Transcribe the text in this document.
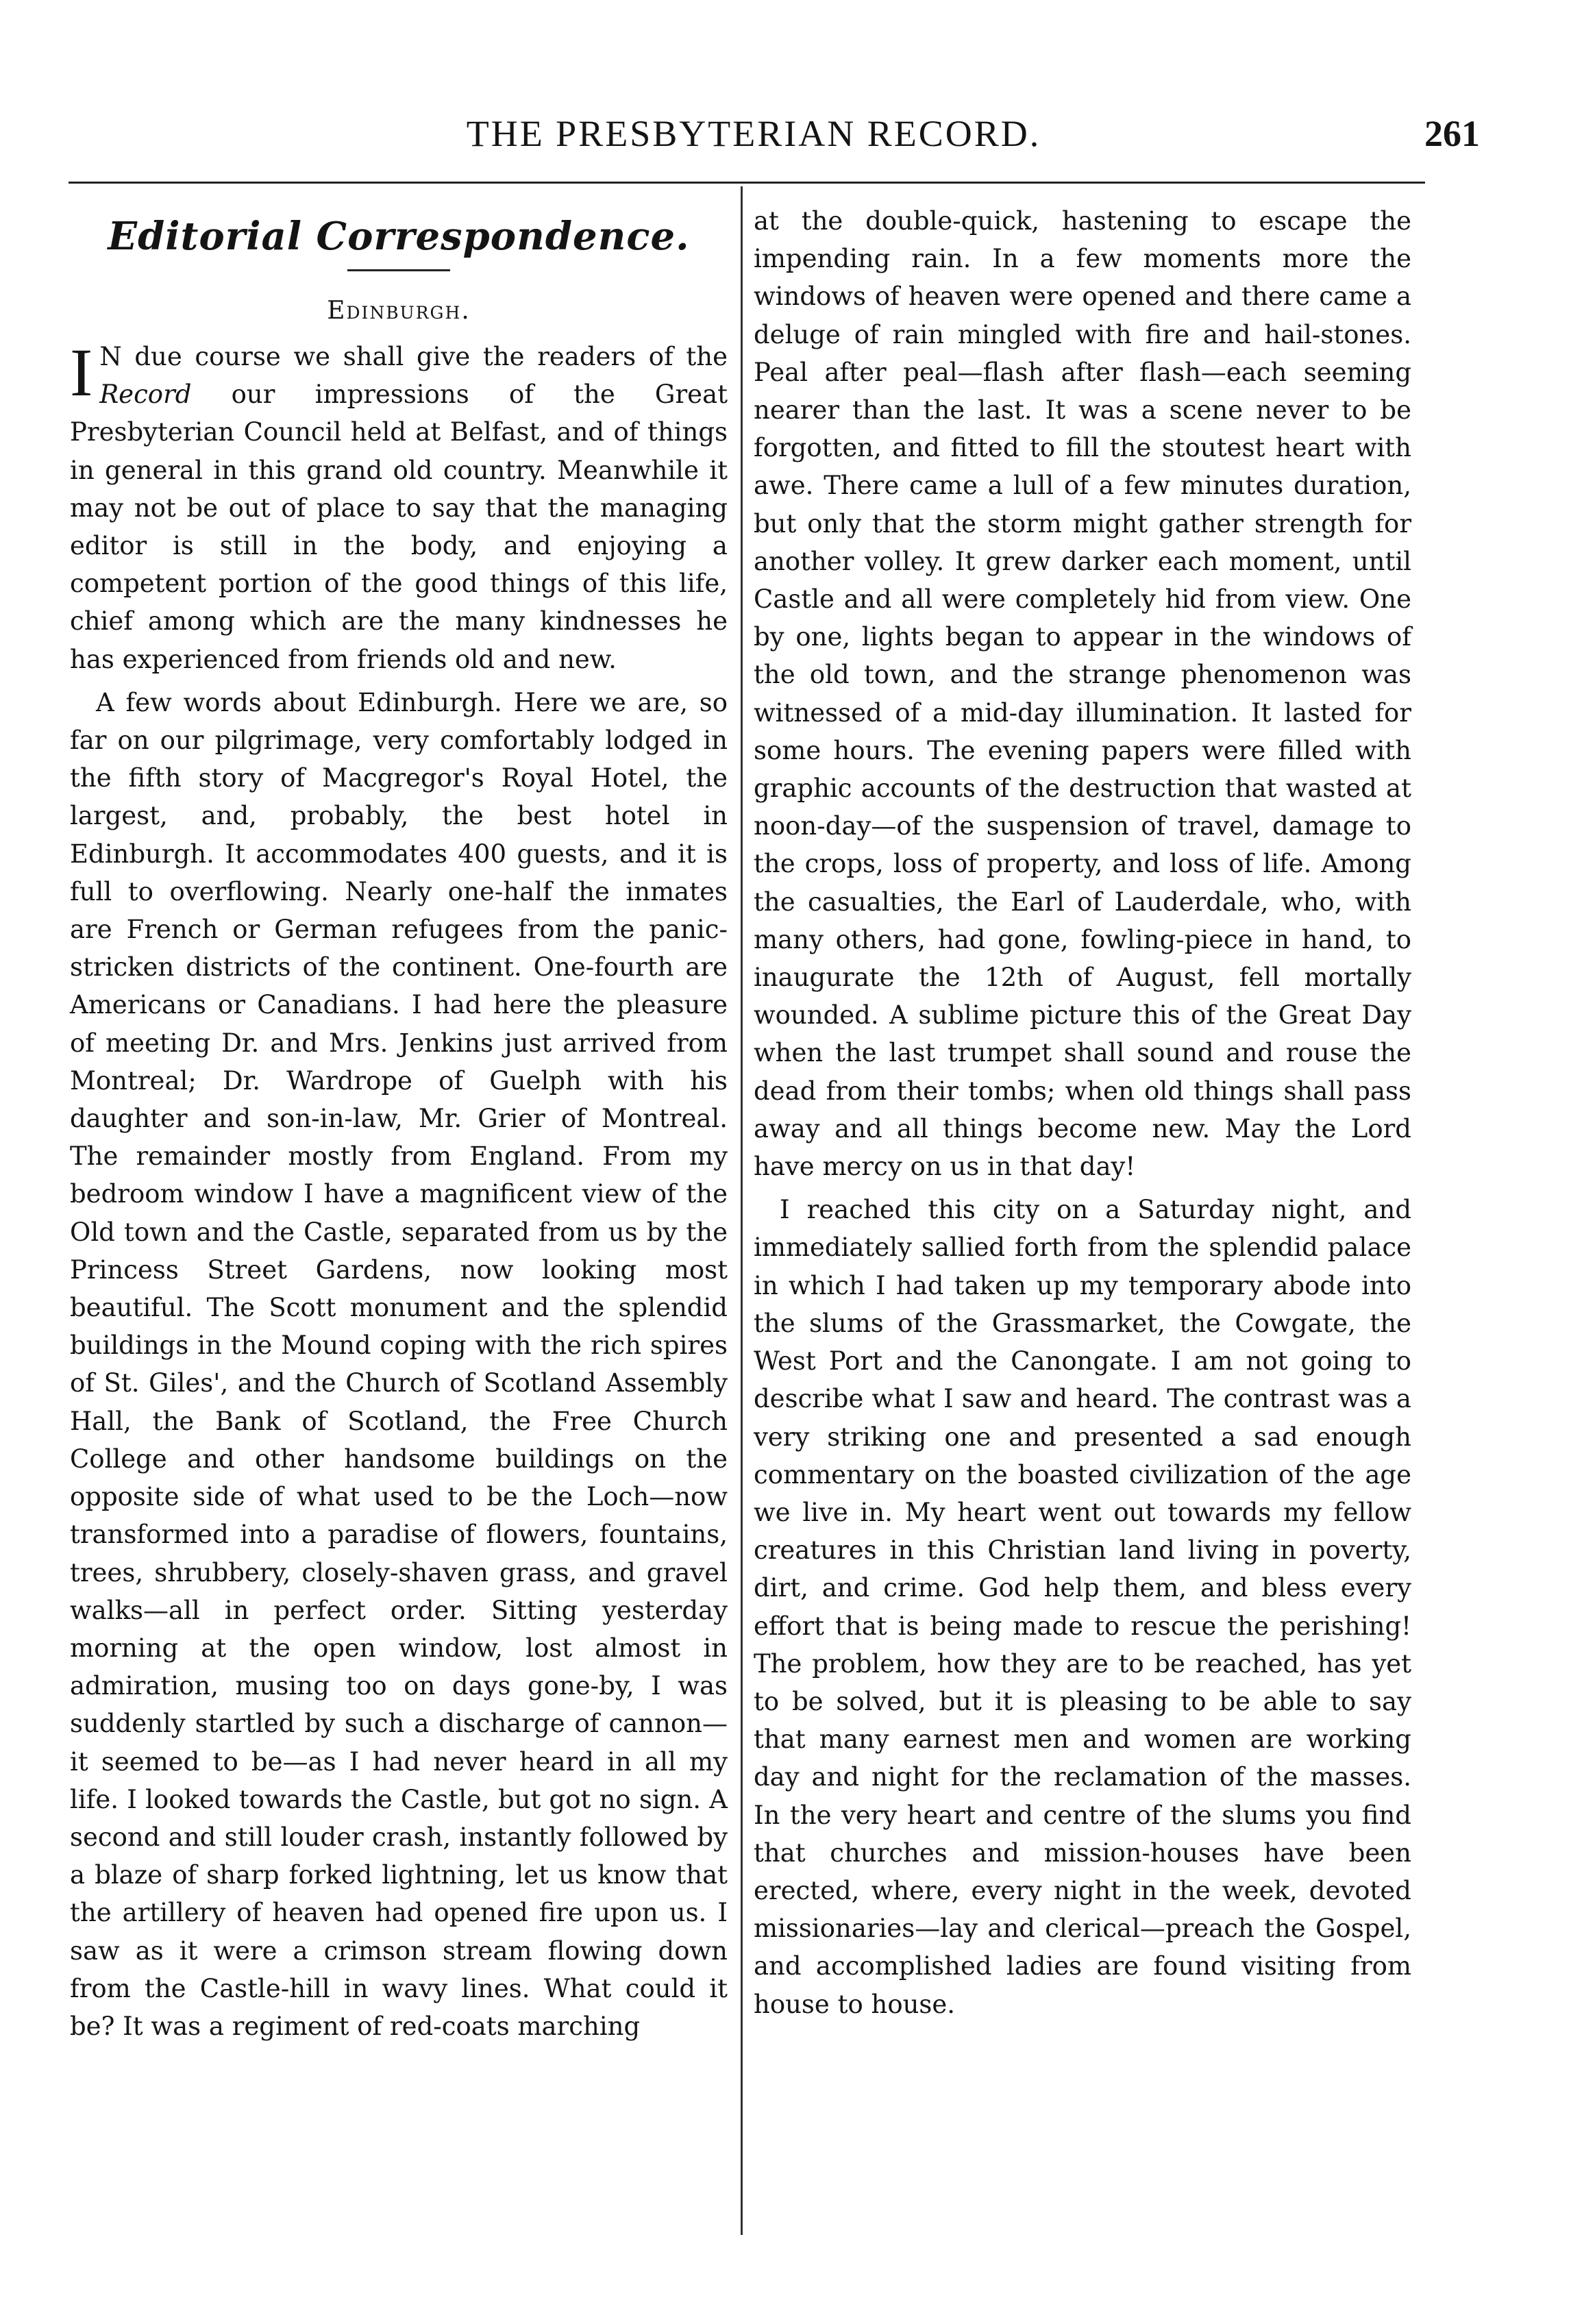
THE PRESBYTERIAN RECORD.	261
Editorial Correspondence.
Edinburgh.

I N due course we shall give the readers of the Record our impressions of the Great Presbyterian Council held at Belfast, and of things in general in this grand old country. Meanwhile it may not be out of place to say that the managing editor is still in the body, and enjoying a competent portion of the good things of this life, chief among which are the many kindnesses he has experienced from friends old and new.

A few words about Edinburgh. Here we are, so far on our pilgrimage, very comfortably lodged in the fifth story of Macgregor's Royal Hotel, the largest, and, probably, the best hotel in Edinburgh. It accommodates 400 guests, and it is full to overflowing. Nearly one-half the inmates are French or German refugees from the panic-stricken districts of the continent. One-fourth are Americans or Canadians. I had here the pleasure of meeting Dr. and Mrs. Jenkins just arrived from Montreal; Dr. Wardrope of Guelph with his daughter and son-in-law, Mr. Grier of Montreal. The remainder mostly from England. From my bedroom window I have a magnificent view of the Old town and the Castle, separated from us by the Princess Street Gardens, now looking most beautiful. The Scott monument and the splendid buildings in the Mound coping with the rich spires of St. Giles', and the Church of Scotland Assembly Hall, the Bank of Scotland, the Free Church College and other handsome buildings on the opposite side of what used to be the Loch—now transformed into a paradise of flowers, fountains, trees, shrubbery, closely-shaven grass, and gravel walks—all in perfect order. Sitting yesterday morning at the open window, lost almost in admiration, musing too on days gone-by, I was suddenly startled by such a discharge of cannon—it seemed to be—as I had never heard in all my life. I looked towards the Castle, but got no sign. A second and still louder crash, instantly followed by a blaze of sharp forked lightning, let us know that the artillery of heaven had opened fire upon us. I saw as it were a crimson stream flowing down from the Castle-hill in wavy lines. What could it be? It was a regiment of red-coats marching

at the double-quick, hastening to escape the impending rain. In a few moments more the windows of heaven were opened and there came a deluge of rain mingled with fire and hail-stones. Peal after peal—flash after flash—each seeming nearer than the last. It was a scene never to be forgotten, and fitted to fill the stoutest heart with awe. There came a lull of a few minutes duration, but only that the storm might gather strength for another volley. It grew darker each moment, until Castle and all were completely hid from view. One by one, lights began to appear in the windows of the old town, and the strange phenomenon was witnessed of a mid-day illumination. It lasted for some hours. The evening papers were filled with graphic accounts of the destruction that wasted at noon-day—of the suspension of travel, damage to the crops, loss of property, and loss of life. Among the casualties, the Earl of Lauderdale, who, with many others, had gone, fowling-piece in hand, to inaugurate the 12th of August, fell mortally wounded. A sublime picture this of the Great Day when the last trumpet shall sound and rouse the dead from their tombs; when old things shall pass away and all things become new. May the Lord have mercy on us in that day!

I reached this city on a Saturday night, and immediately sallied forth from the splendid palace in which I had taken up my temporary abode into the slums of the Grassmarket, the Cowgate, the West Port and the Canongate. I am not going to describe what I saw and heard. The contrast was a very striking one and presented a sad enough commentary on the boasted civilization of the age we live in. My heart went out towards my fellow creatures in this Christian land living in poverty, dirt, and crime. God help them, and bless every effort that is being made to rescue the perishing! The problem, how they are to be reached, has yet to be solved, but it is pleasing to be able to say that many earnest men and women are working day and night for the reclamation of the masses. In the very heart and centre of the slums you find that churches and mission-houses have been erected, where, every night in the week, devoted missionaries—lay and clerical—preach the Gospel, and accomplished ladies are found visiting from house to house.
